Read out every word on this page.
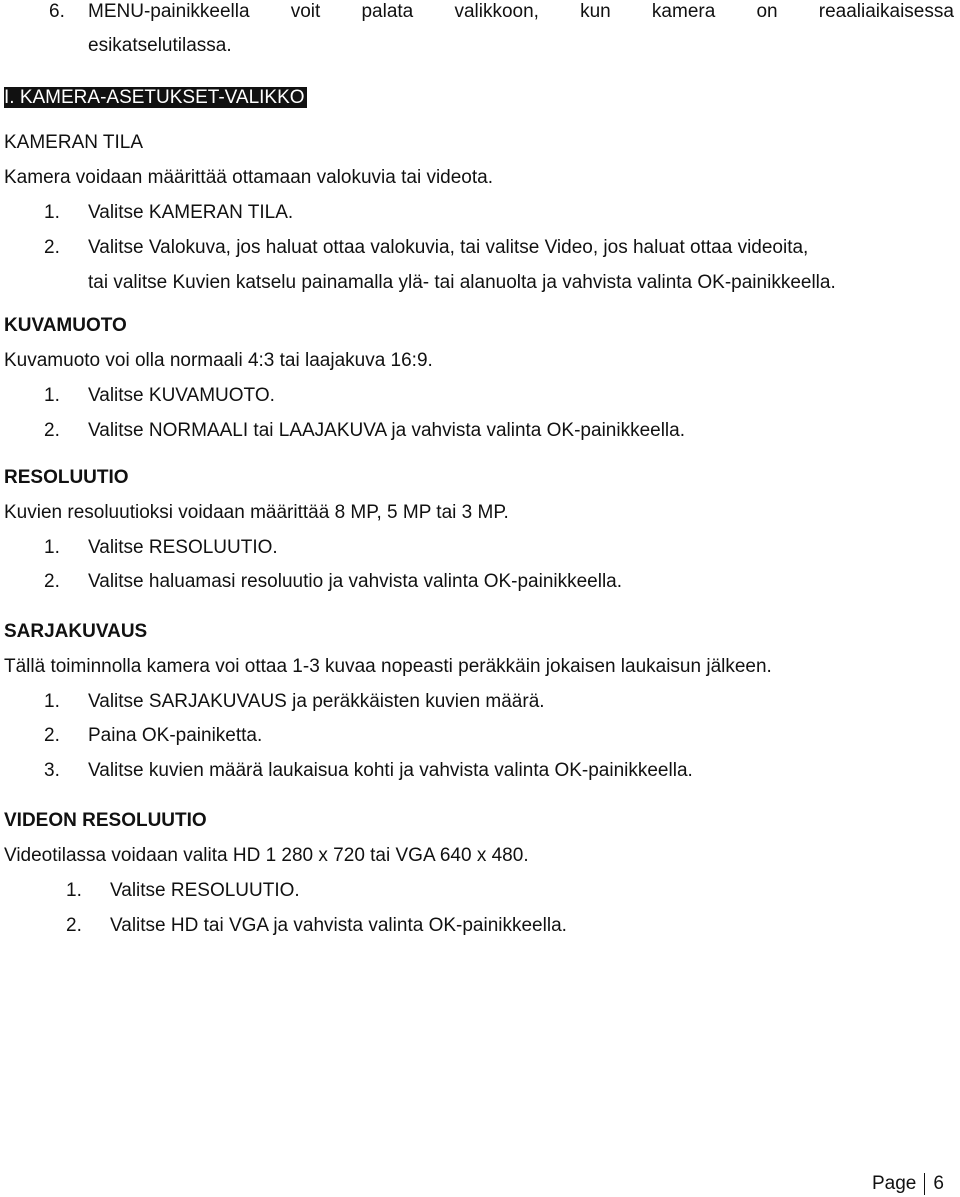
6. MENU-painikkeella voit palata valikkoon, kun kamera on reaaliaikaisessa
esikatselutilassa.
I. KAMERA-ASETUKSET-VALIKKO
KAMERAN TILA
Kamera voidaan määrittää ottamaan valokuvia tai videota.
1. Valitse KAMERAN TILA.
2. Valitse Valokuva, jos haluat ottaa valokuvia, tai valitse Video, jos haluat ottaa videoita,
tai valitse Kuvien katselu painamalla ylä- tai alanuolta ja vahvista valinta OK-painikkeella.
KUVAMUOTO
Kuvamuoto voi olla normaali 4:3 tai laajakuva 16:9.
1. Valitse KUVAMUOTO.
2. Valitse NORMAALI tai LAAJAKUVA ja vahvista valinta OK-painikkeella.
RESOLUUTIO
Kuvien resoluutioksi voidaan määrittää 8 MP, 5 MP tai 3 MP.
1. Valitse RESOLUUTIO.
2. Valitse haluamasi resoluutio ja vahvista valinta OK-painikkeella.
SARJAKUVAUS
Tällä toiminnolla kamera voi ottaa 1-3 kuvaa nopeasti peräkkäin jokaisen laukaisun jälkeen.
1. Valitse SARJAKUVAUS ja peräkkäisten kuvien määrä.
2. Paina OK-painiketta.
3. Valitse kuvien määrä laukaisua kohti ja vahvista valinta OK-painikkeella.
VIDEON RESOLUUTIO
Videotilassa voidaan valita HD 1 280 x 720 tai VGA 640 x 480.
1. Valitse RESOLUUTIO.
2. Valitse HD tai VGA ja vahvista valinta OK-painikkeella.
Page 6
